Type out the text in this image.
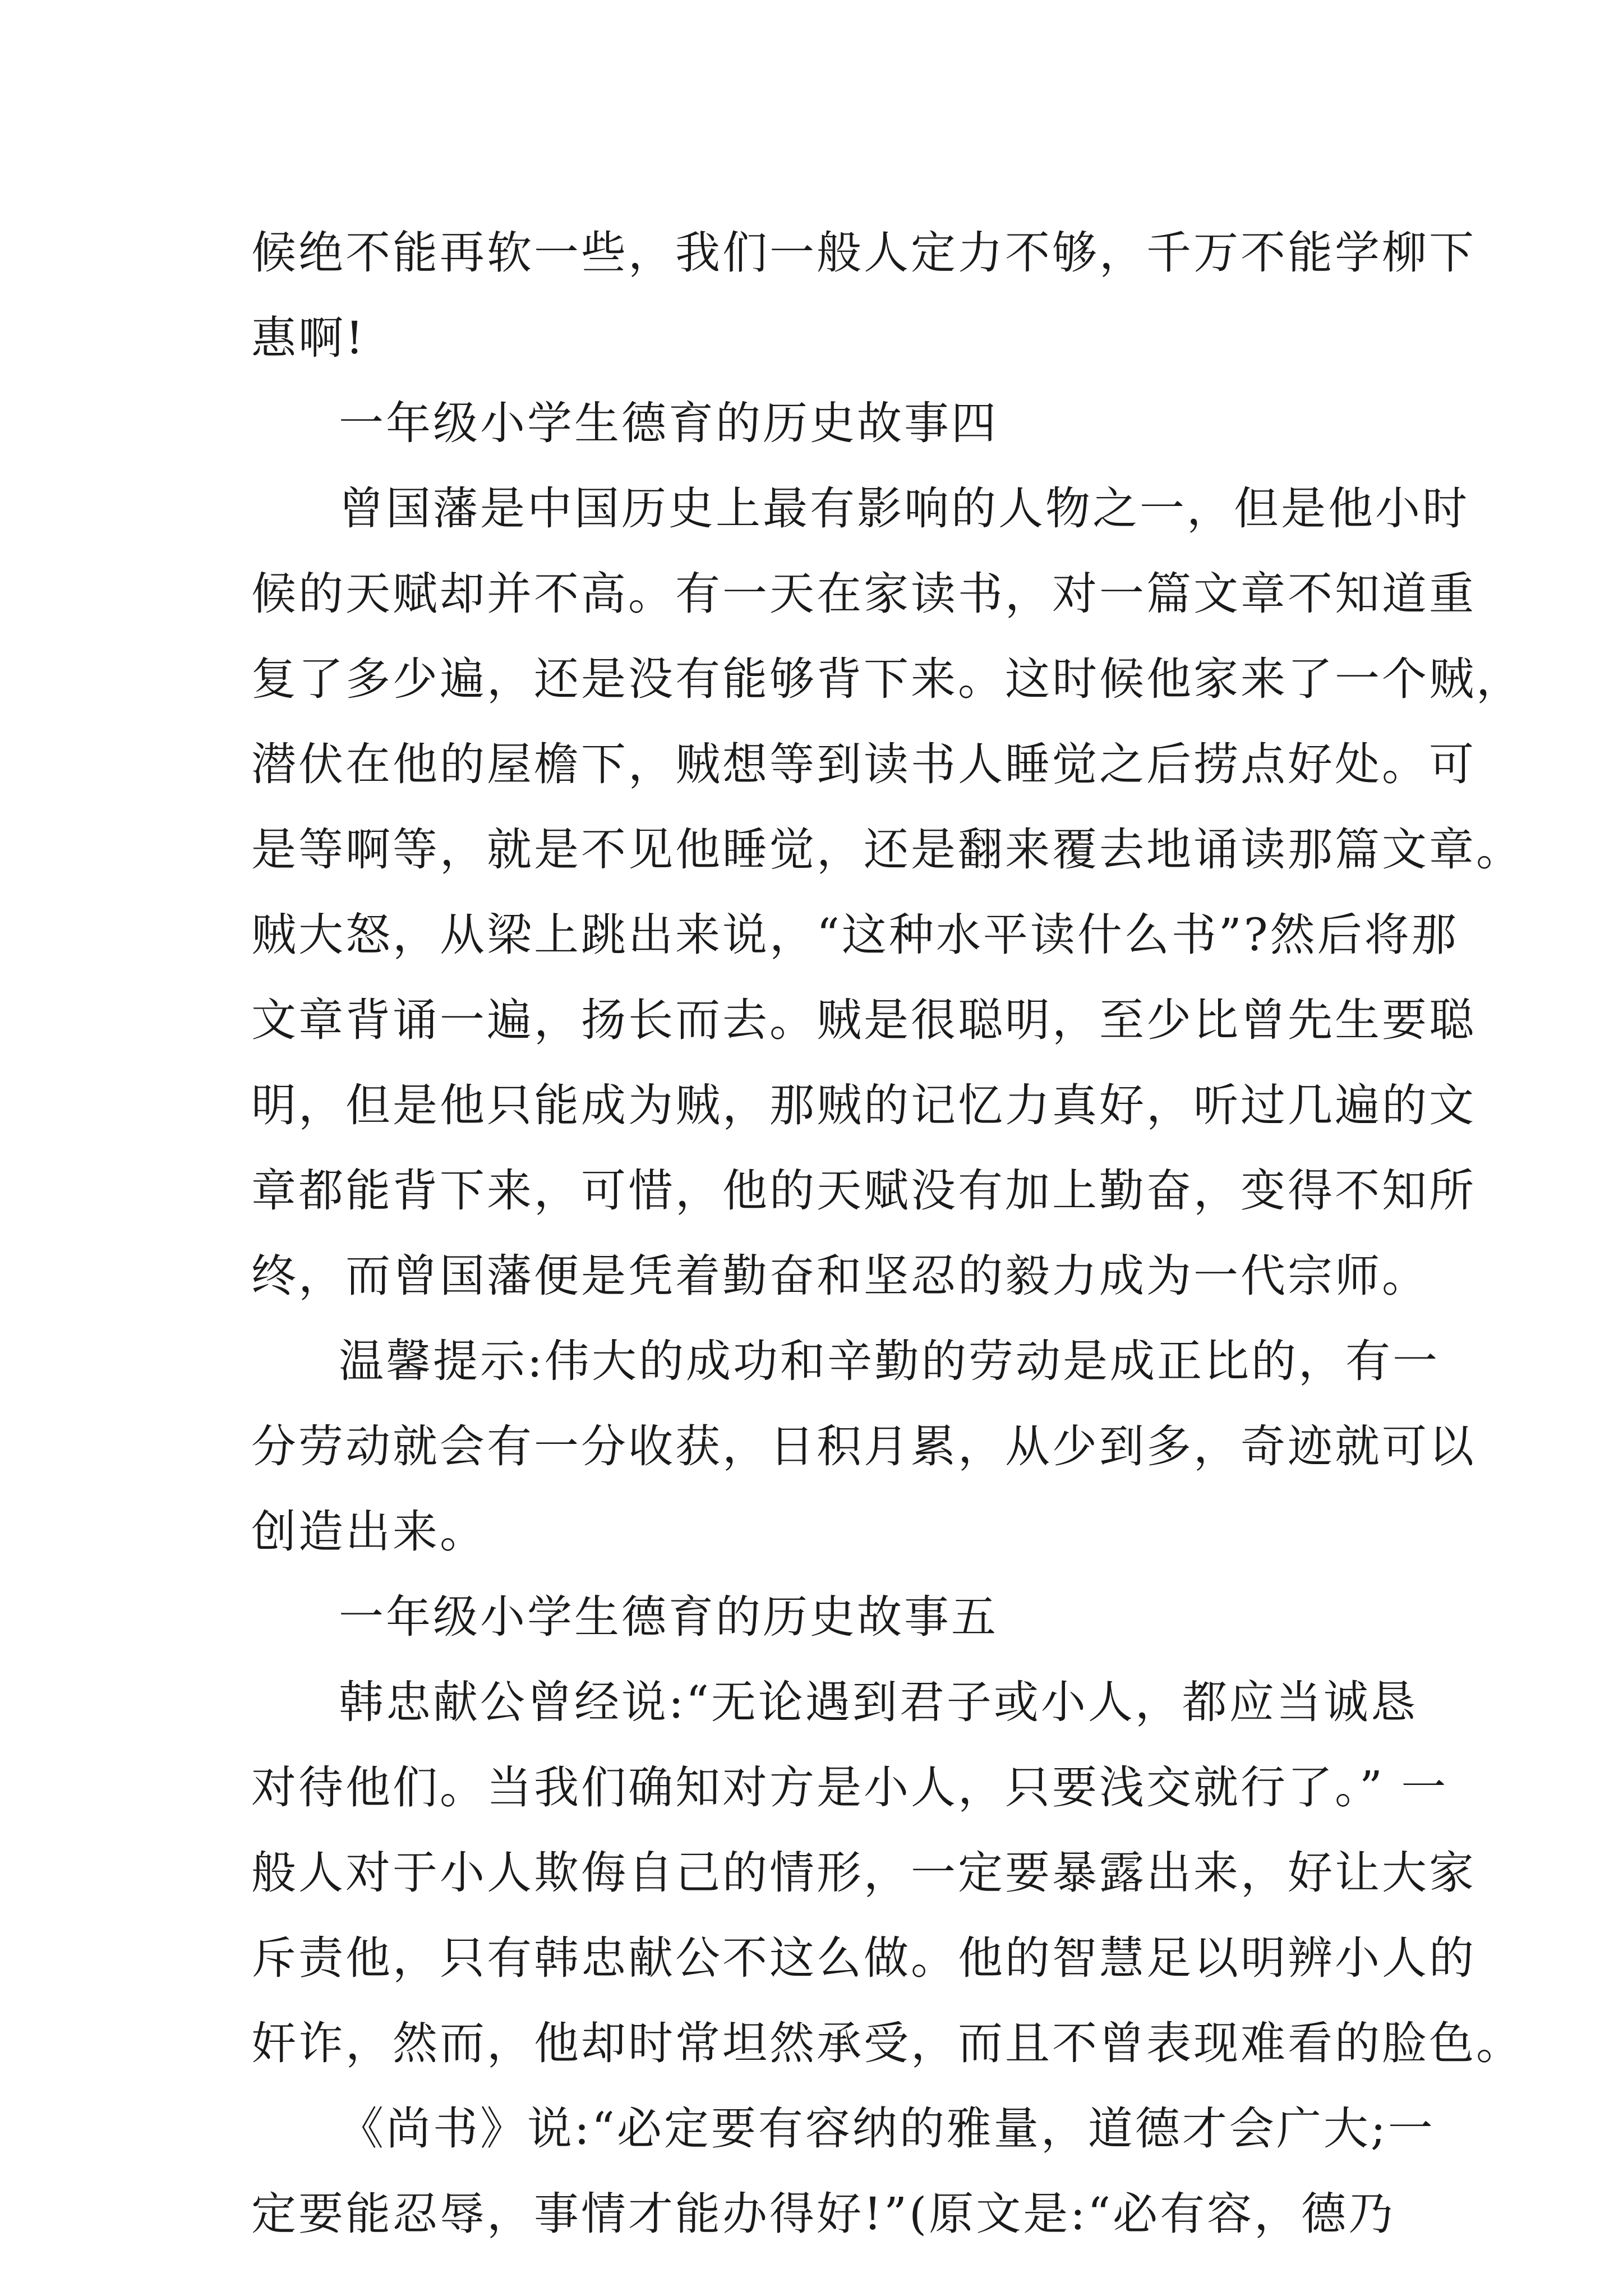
候绝不能再软一些，我们一般人定力不够，千万不能学柳下
惠啊!
一年级小学生德育的历史故事四
曾国藩是中国历史上最有影响的人物之一，但是他小时
候的天赋却并不高。有一天在家读书，对一篇文章不知道重
复了多少遍，还是没有能够背下来。这时候他家来了一个贼，
潜伏在他的屋檐下，贼想等到读书人睡觉之后捞点好处。可
是等啊等，就是不见他睡觉，还是翻来覆去地诵读那篇文章。
贼大怒，从梁上跳出来说，“这种水平读什么书”?然后将那
文章背诵一遍，扬长而去。贼是很聪明，至少比曾先生要聪
明，但是他只能成为贼，那贼的记忆力真好，听过几遍的文
章都能背下来，可惜，他的天赋没有加上勤奋，变得不知所
终，而曾国藩便是凭着勤奋和坚忍的毅力成为一代宗师。
温馨提示:伟大的成功和辛勤的劳动是成正比的，有一
分劳动就会有一分收获，日积月累，从少到多，奇迹就可以
创造出来。
一年级小学生德育的历史故事五
韩忠献公曾经说:“无论遇到君子或小人，都应当诚恳
对待他们。当我们确知对方是小人，只要浅交就行了。” 一
般人对于小人欺侮自己的情形，一定要暴露出来，好让大家
斥责他，只有韩忠献公不这么做。他的智慧足以明辨小人的
奸诈，然而，他却时常坦然承受，而且不曾表现难看的脸色。
《尚书》说:“必定要有容纳的雅量，道德才会广大;一
定要能忍辱，事情才能办得好!”(原文是:“必有容，德乃
